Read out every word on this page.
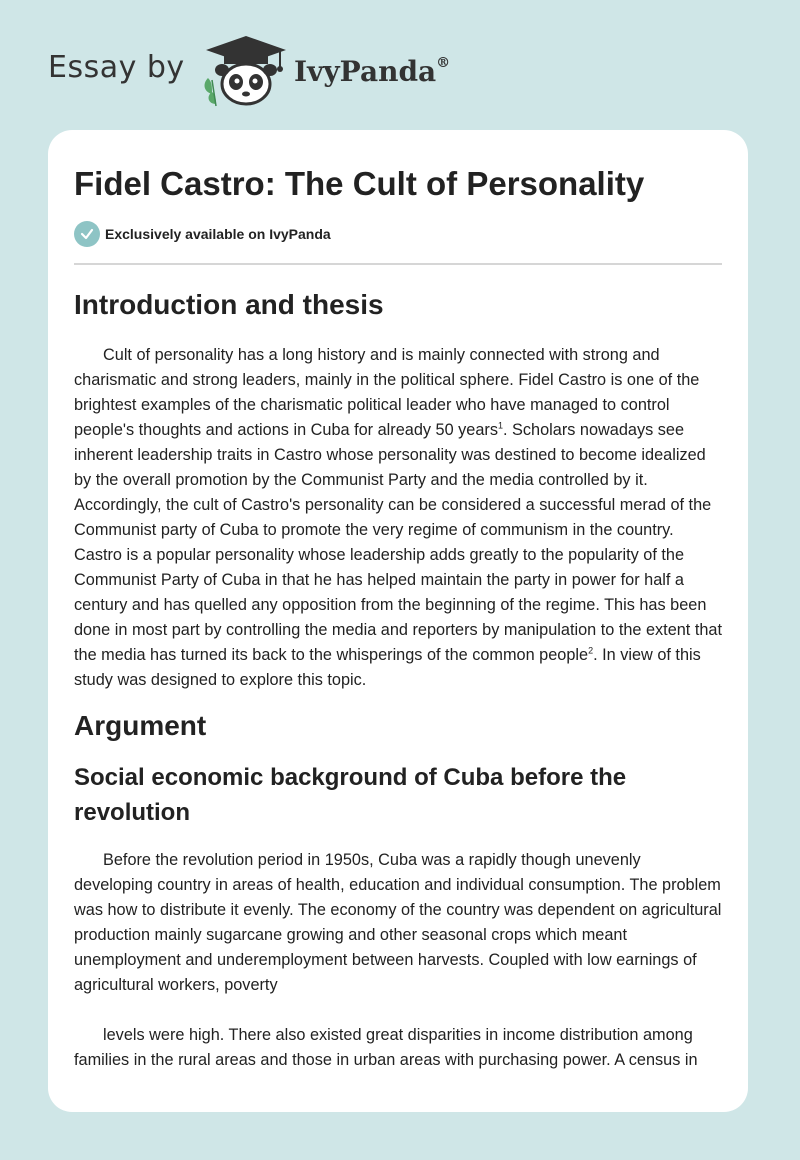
Essay by	IvyPanda®
Fidel Castro: The Cult of Personality
Exclusively available on IvyPanda
Introduction and thesis

Cult of personality has a long history and is mainly connected with strong and charismatic and strong leaders, mainly in the political sphere. Fidel Castro is one of the brightest examples of the charismatic political leader who have managed to control people's thoughts and actions in Cuba for already 50 years$^1$. Scholars nowadays see inherent leadership traits in Castro whose personality was destined to become idealized by the overall promotion by the Communist Party and the media controlled by it. Accordingly, the cult of Castro's personality can be considered a successful merad of the Communist party of Cuba to promote the very regime of communism in the country. Castro is a popular personality whose leadership adds greatly to the popularity of the Communist Party of Cuba in that he has helped maintain the party in power for half a century and has quelled any opposition from the beginning of the regime. This has been done in most part by controlling the media and reporters by manipulation to the extent that the media has turned its back to the whisperings of the common people$^2$. In view of this study was designed to explore this topic.

Argument
Social economic background of Cuba before the revolution

Before the revolution period in 1950s, Cuba was a rapidly though unevenly developing country in areas of health, education and individual consumption. The problem was how to distribute it evenly. The economy of the country was dependent on agricultural production mainly sugarcane growing and other seasonal crops which meant unemployment and underemployment between harvests. Coupled with low earnings of agricultural workers, poverty

levels were high. There also existed great disparities in income distribution among families in the rural areas and those in urban areas with purchasing power. A census in
